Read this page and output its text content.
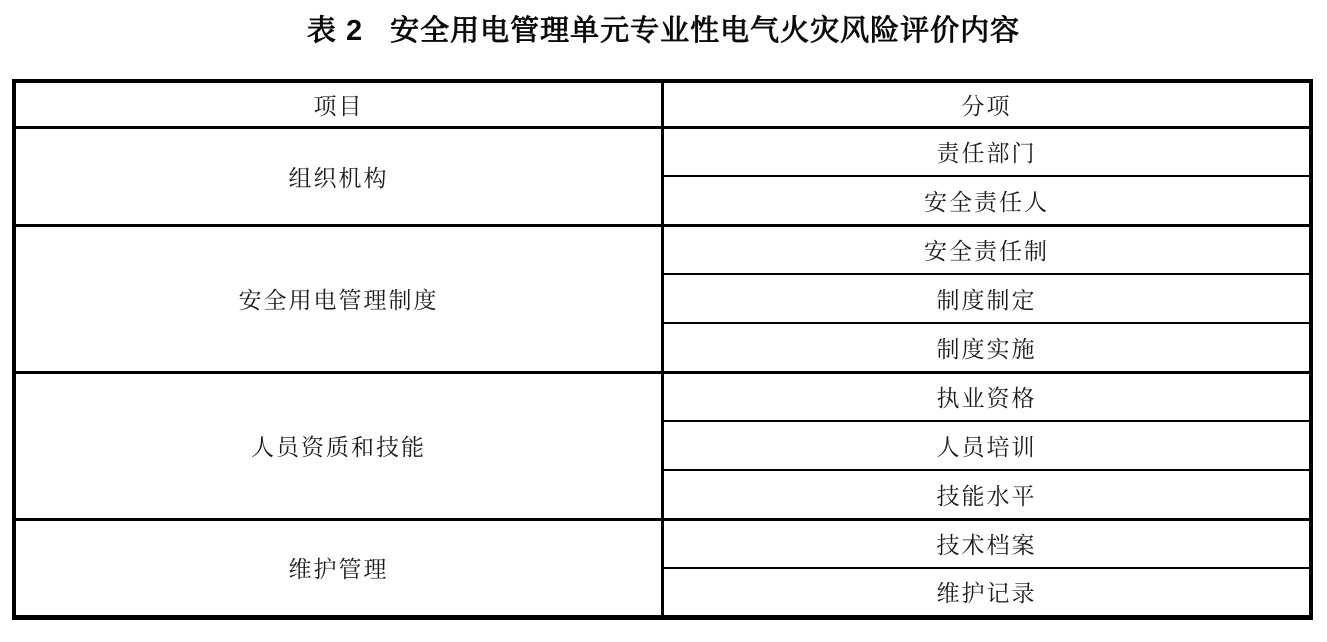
表 2 安全用电管理单元专业性电气火灾风险评价内容
项目	分项
组织机构	责任部门
	安全责任人
安全用电管理制度	安全责任制
	制度制定
	制度实施
人员资质和技能	执业资格
	人员培训
	技能水平
维护管理	技术档案
	维护记录
